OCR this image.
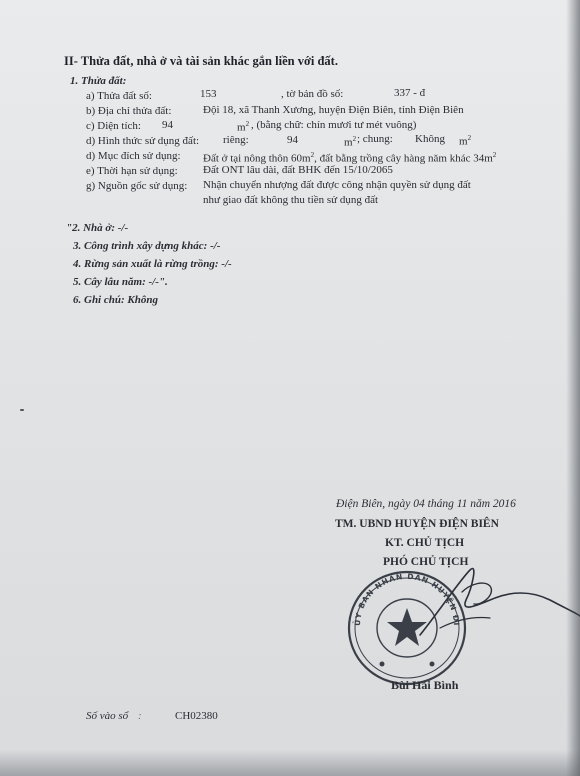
II- Thửa đất, nhà ở và tài sản khác gắn liền với đất.
1. Thửa đất:
a) Thửa đất số:	153	, tờ bản đồ số:	337 - đ
b) Địa chỉ thửa đất:	Đội 18, xã Thanh Xương, huyện Điện Biên, tỉnh Điện Biên
c) Diện tích: 94	$m^2$ , (bằng chữ: chín mươi tư mét vuông)
d) Hình thức sử dụng đất: riêng:	94	$m^2$ ; chung: Không $m^2$
d) Mục đích sử dụng: Đất ở tại nông thôn $60m^2$, đất bằng trồng cây hàng năm khác $34m^2$
e) Thời hạn sử dụng: Đất ONT lâu dài, đất BHK đến 15/10/2065
g) Nguồn gốc sử dụng: Nhận chuyển nhượng đất được công nhận quyền sử dụng đất
như giao đất không thu tiền sử dụng đất
"2. Nhà ở: -/-
3. Công trình xây dựng khác: -/-
4. Rừng sản xuất là rừng trồng: -/-
5. Cây lâu năm: -/-".
6. Ghi chú: Không
Điện Biên, ngày 04 tháng 11 năm 2016
TM. UBND HUYỆN ĐIỆN BIÊN
KT. CHỦ TỊCH
PHÓ CHỦ TỊCH
ỦY BAN NHÂN DÂN HUYỆN ĐI
Bùi Hải Bình
Số vào sổ :	CH02380
